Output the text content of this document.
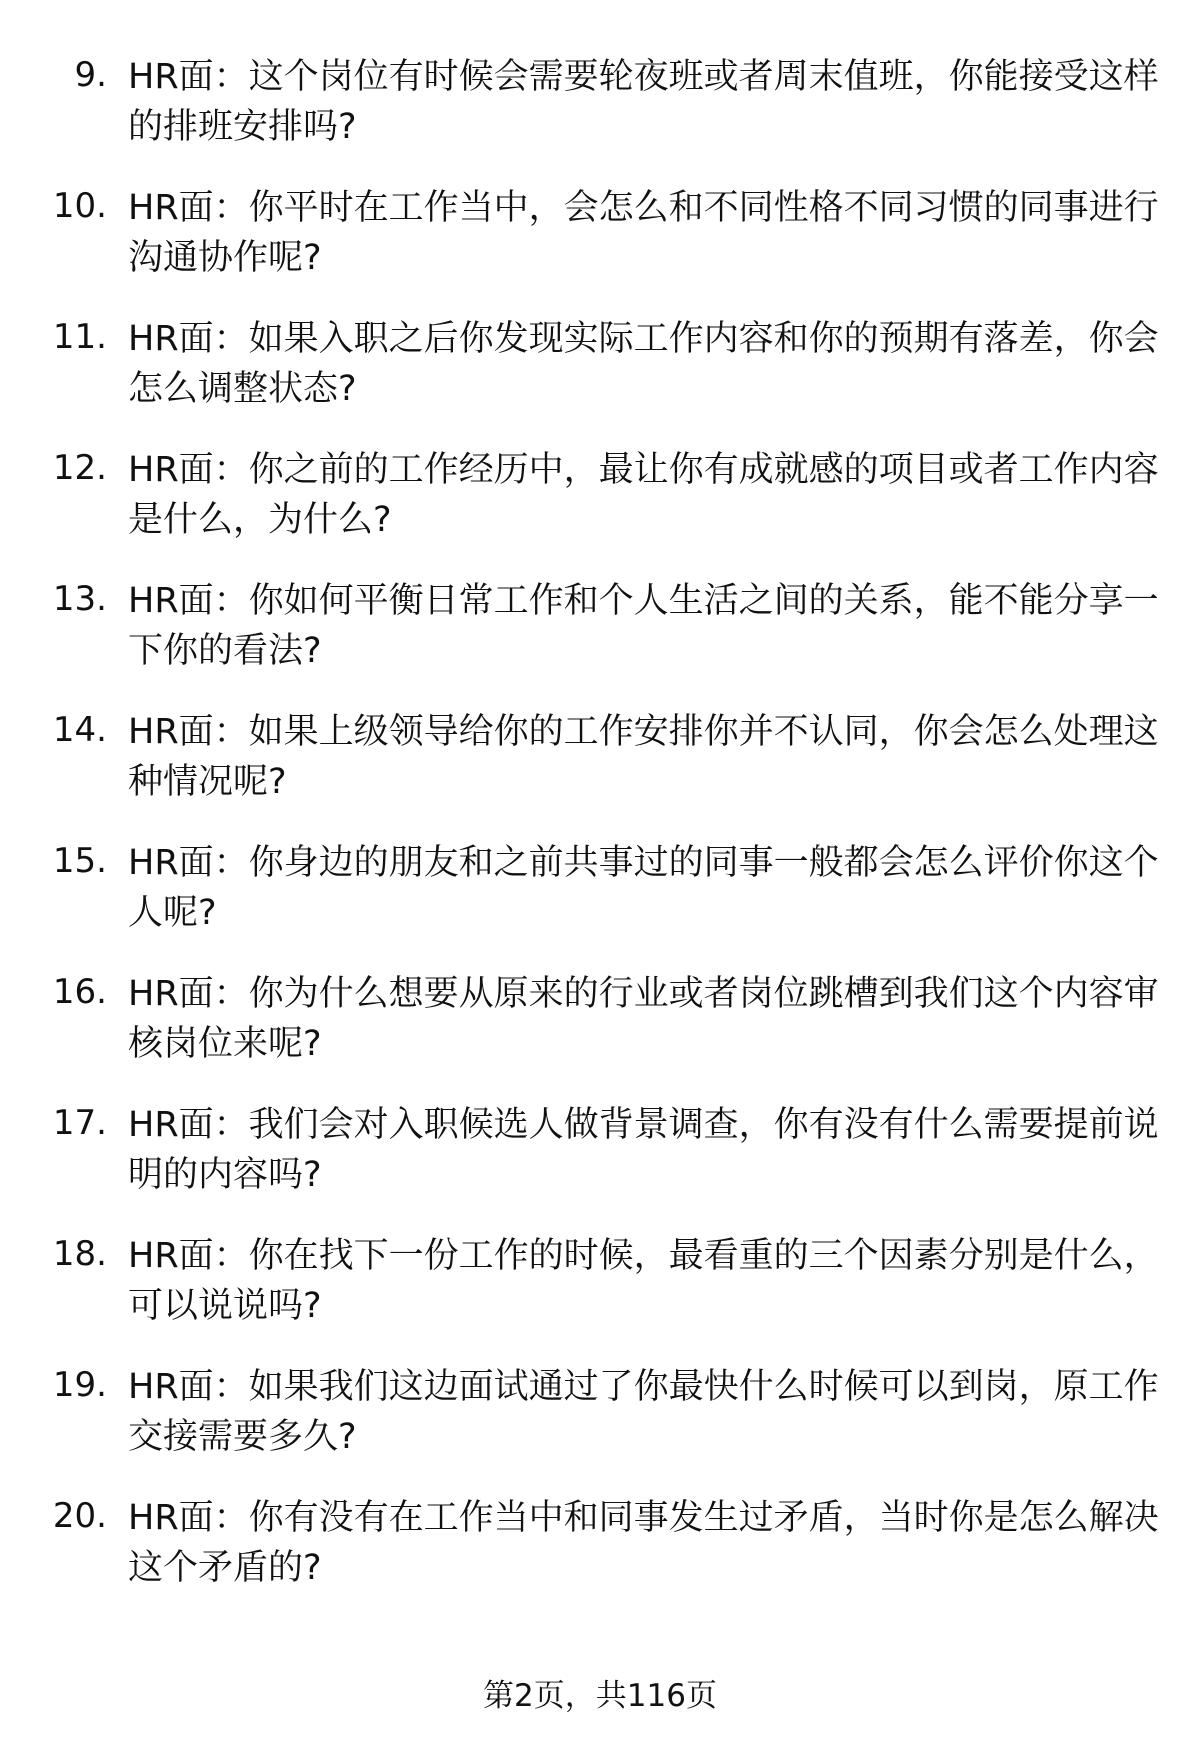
9. HR面：这个岗位有时候会需要轮夜班或者周末值班，你能接受这样的排班安排吗?
10. HR面：你平时在工作当中，会怎么和不同性格不同习惯的同事进行沟通协作呢?
11. HR面：如果入职之后你发现实际工作内容和你的预期有落差，你会怎么调整状态?
12. HR面：你之前的工作经历中，最让你有成就感的项目或者工作内容是什么，为什么?
13. HR面：你如何平衡日常工作和个人生活之间的关系，能不能分享一下你的看法?
14. HR面：如果上级领导给你的工作安排你并不认同，你会怎么处理这种情况呢?
15. HR面：你身边的朋友和之前共事过的同事一般都会怎么评价你这个人呢?
16. HR面：你为什么想要从原来的行业或者岗位跳槽到我们这个内容审核岗位来呢?
17. HR面：我们会对入职候选人做背景调查，你有没有什么需要提前说明的内容吗?
18. HR面：你在找下一份工作的时候，最看重的三个因素分别是什么，可以说说吗?
19. HR面：如果我们这边面试通过了你最快什么时候可以到岗，原工作交接需要多久?
20. HR面：你有没有在工作当中和同事发生过矛盾，当时你是怎么解决这个矛盾的?
第2页，共116页
